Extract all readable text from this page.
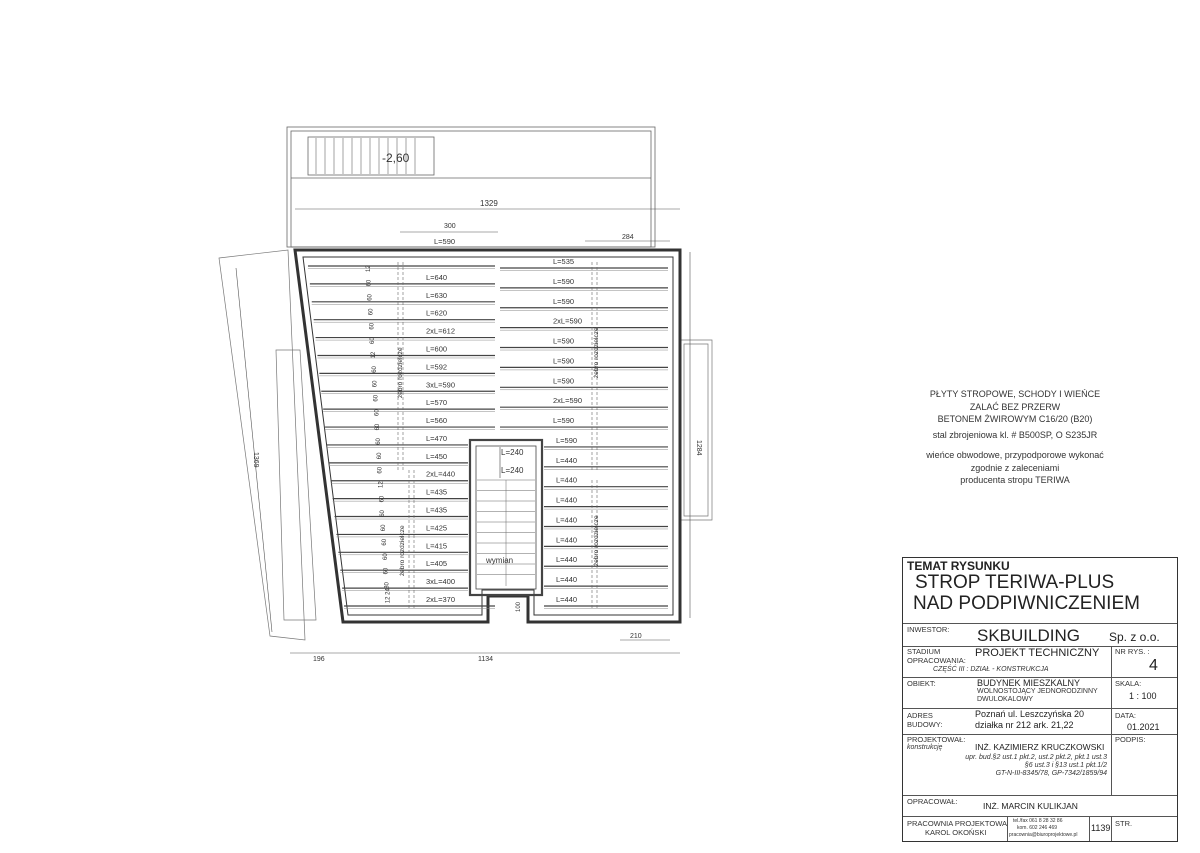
-2,60
1329
300
284
196	1134
210
100
1284
1369
L=590
L=640
L=630
L=620
2xL=612
L=600
L=592
3xL=590
L=570
L=560
L=470
L=450
2xL=440
L=435
L=435
L=425
L=415
L=405
3xL=400
2xL=370
L=535
L=590
L=590
2xL=590
L=590
L=590
L=590
2xL=590
L=590
L=590
L=440
L=440
L=440
L=440
L=440
L=440
L=440
L=440
12
60
60
60
60
60
12
60
60
60
60
60
60
60
60
12
60
60
60
60
60
60
80
12 24
żebro rozdzielcze
żebro rozdzielcze
żebro rozdzielcze
żebro rozdzielcze
wymian
L=240
L=240
PŁYTY STROPOWE, SCHODY I WIEŃCE
ZALAĆ BEZ PRZERW
BETONEM ŻWIROWYM C16/20 (B20)
stal zbrojeniowa kl. # B500SP, O S235JR
wieńce obwodowe, przypodporowe wykonać
zgodnie z zaleceniami
producenta stropu TERIWA
TEMAT RYSUNKU
STROP TERIWA-PLUS
NAD PODPIWNICZENIEM
INWESTOR: SKBUILDING Sp. z o.o.
STADIUM
OPRACOWANIA:
PROJEKT TECHNICZNY
CZĘŚĆ III : DZIAŁ - KONSTRUKCJA
NR RYS. :
4
OBIEKT:	BUDYNEK MIESZKALNY
WOLNOSTOJĄCY JEDNORODZINNY
DWULOKALOWY
SKALA:
1 : 100
ADRES
BUDOWY:
Poznań ul. Leszczyńska 20
działka nr 212 ark. 21,22
DATA:
01.2021
PROJEKTOWAŁ:
konstrukcję	INŻ. KAZIMIERZ KRUCZKOWSKI
upr. bud.§2 ust.1 pkt.2, ust.2 pkt.2, pkt.1 ust.3
§6 ust.3 i §13 ust.1 pkt.1/2
GT-N-III-8345/78, GP-7342/1859/94
PODPIS:
OPRACOWAŁ:	INŻ. MARCIN KULIKJAN
PRACOWNIA PROJEKTOWA
KAROL OKOŃSKI
tel./fax 061 8 28 32 86
kom. 602 246 469
pracownia@biuroprojektowe.pl
1139 STR.
